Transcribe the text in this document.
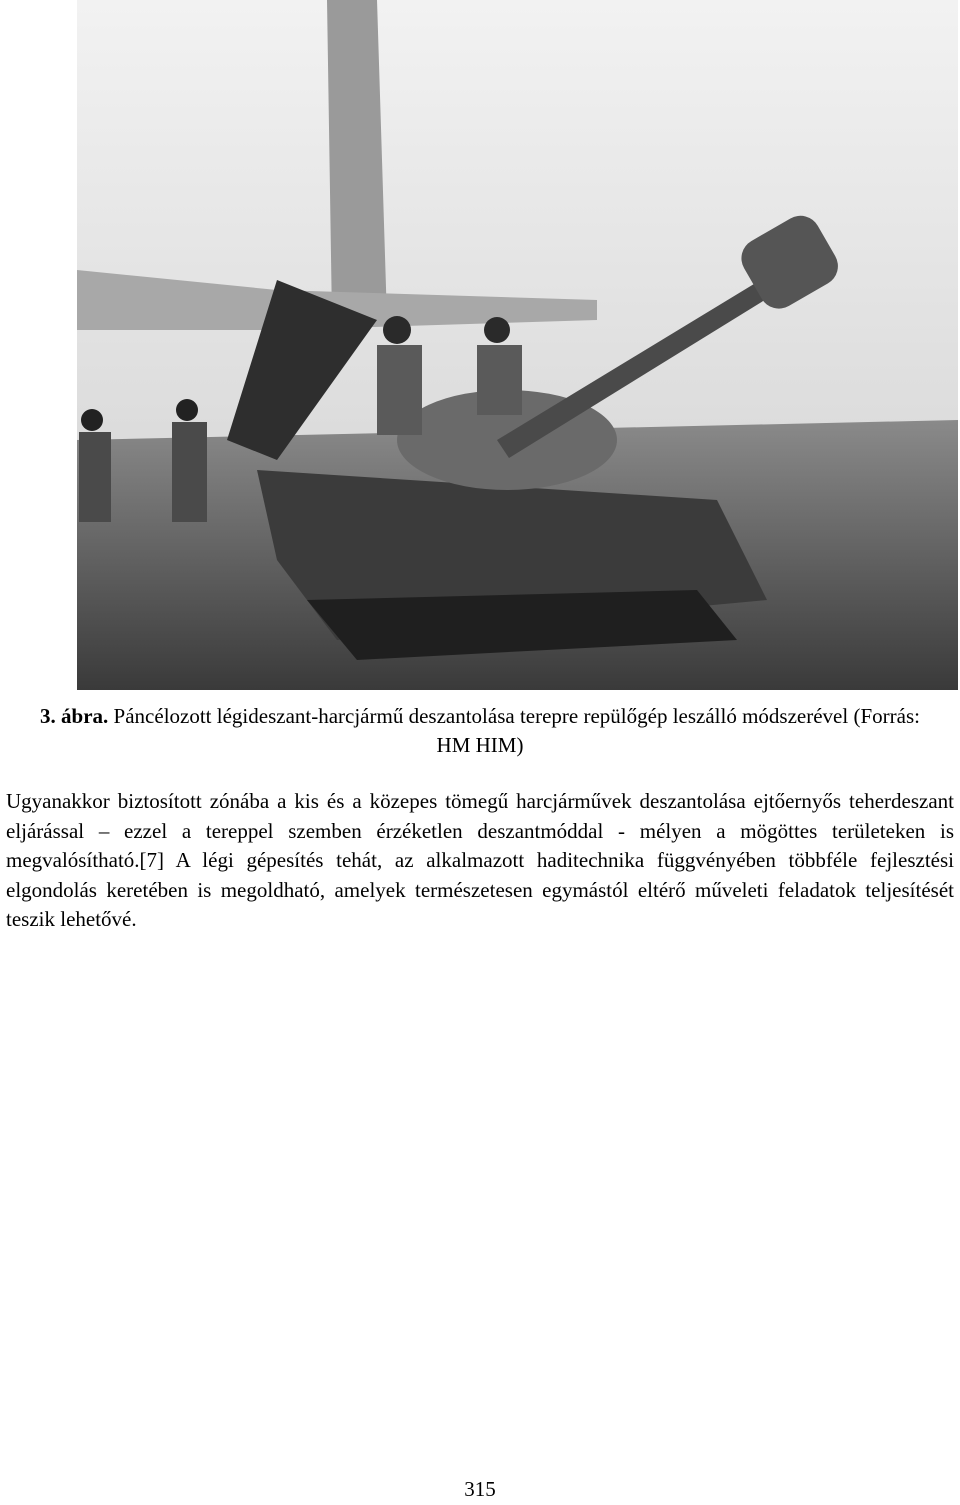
3. ábra. Páncélozott légideszant-harcjármű deszantolása terepre repülőgép leszálló módszerével (Forrás: HM HIM)
Ugyanakkor biztosított zónába a kis és a közepes tömegű harcjárművek deszantolása ejtőernyős teherdeszant eljárással – ezzel a tereppel szemben érzéketlen deszantmóddal - mélyen a mögöttes területeken is megvalósítható.[7] A légi gépesítés tehát, az alkalmazott haditechnika függvényében többféle fejlesztési elgondolás keretében is megoldható, amelyek természetesen egymástól eltérő műveleti feladatok teljesítését teszik lehetővé.
315
